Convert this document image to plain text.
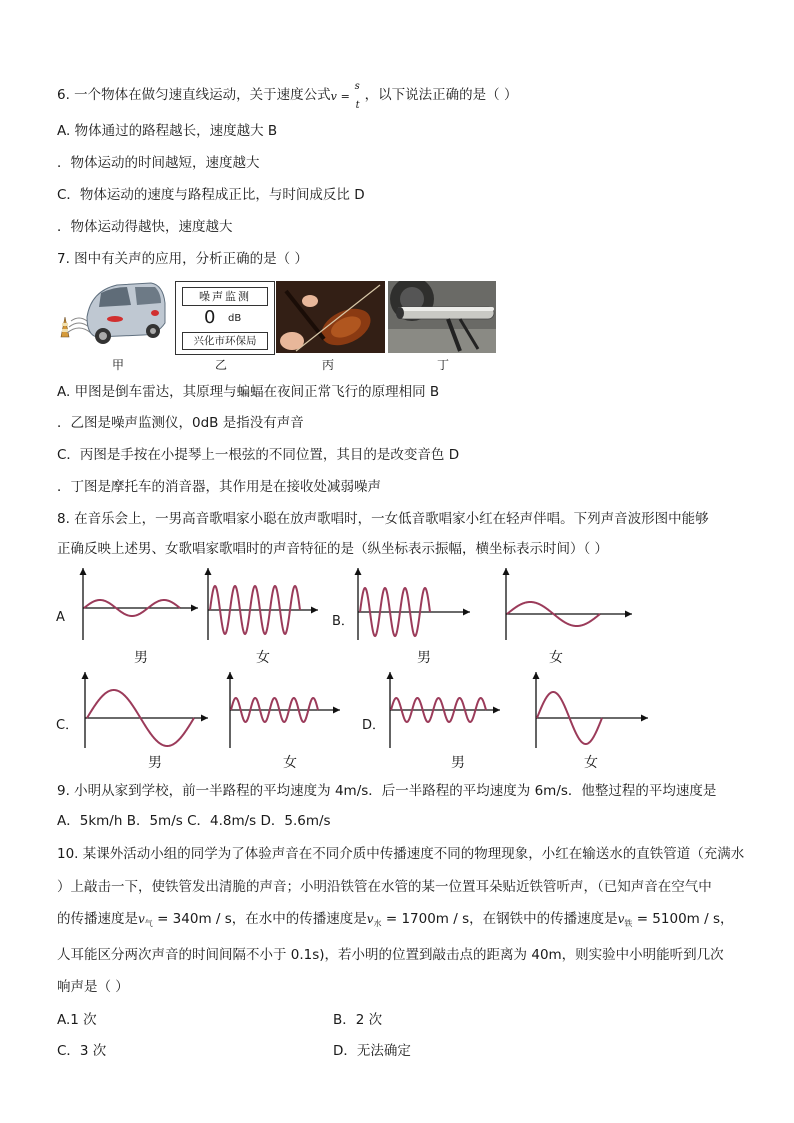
6. 一个物体在做匀速直线运动，关于速度公式 v =
s
t
，以下说法正确的是（ ）
A. 物体通过的路程越长，速度越大 B
．物体运动的时间越短，速度越大
C．物体运动的速度与路程成正比，与时间成反比 D
．物体运动得越快，速度越大
7. 图中有关声的应用，分析正确的是（ ）
甲
噪声监测
0 dB
兴化市环保局
乙	丙	丁
A. 甲图是倒车雷达，其原理与蝙蝠在夜间正常飞行的原理相同 B
．乙图是噪声监测仪，0dB 是指没有声音
C．丙图是手按在小提琴上一根弦的不同位置，其目的是改变音色 D
．丁图是摩托车的消音器，其作用是在接收处减弱噪声
8. 在音乐会上，一男高音歌唱家小聪在放声歌唱时，一女低音歌唱家小红在轻声伴唱。下列声音波形图中能够
正确反映上述男、女歌唱家歌唱时的声音特征的是（纵坐标表示振幅，横坐标表示时间）（ ）
A	B．
C．	D．
男	女	男	女
男	女	男	女
9. 小明从家到学校，前一半路程的平均速度为 4m/s．后一半路程的平均速度为 6m/s．他整过程的平均速度是
A．5km/h B．5m/s C．4.8m/s D．5.6m/s
10. 某课外活动小组的同学为了体验声音在不同介质中传播速度不同的物理现象，小红在输送水的直铁管道（充满水
）上敲击一下，使铁管发出清脆的声音；小明沿铁管在水管的某一位置耳朵贴近铁管听声，（已知声音在空气中
的传播速度是$v_气 = 340m / s$，在水中的传播速度是$v_水 = 1700m / s$，在钢铁中的传播速度是$v_铁 = 5100m / s$，
人耳能区分两次声音的时间间隔不小于 0.1s)，若小明的位置到敲击点的距离为 40m，则实验中小明能听到几次
响声是（ ）
A.1 次	B．2 次
C．3 次	D．无法确定
